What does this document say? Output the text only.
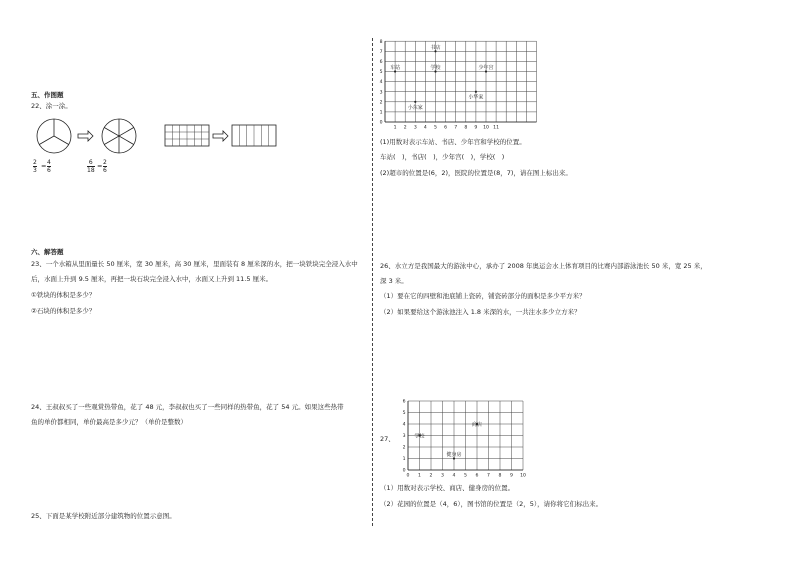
五、作图题
22、涂一涂。
$\frac{2}{3} = \frac{4}{6}$	$\frac{6}{18} = \frac{2}{6}$
六、解答题
23、一个水箱从里面量长 50 厘米，宽 30 厘米，高 30 厘米，里面装有 8 厘米深的水，把一块铁块完全浸入水中
后，水面上升到 9.5 厘米，再把一块石块完全浸入水中，水面又上升到 11.5 厘米。
①铁块的体积是多少？
②石块的体积是多少？
24、王叔叔买了一些观赏热带鱼，花了 48 元，李叔叔也买了一些同样的热带鱼，花了 54 元。如果这些热带
鱼的单价都相同，单价最高是多少元？（单价是整数）
25、下面是某学校附近部分建筑物的位置示意图。
0
1
2
3
4
5
6
7
8
1 2 3 4 5 6 7 8 9 10 11
车站
书店
学校	少年宫
小东家
小华家
(1)用数对表示车站、书店、少年宫和学校的位置。
车站(　)，书店(　)，少年宫(　)，学校(　)
(2)超市的位置是(6，2)，医院的位置是(8，7)，请在图上标出来。
26、水立方是我国最大的游泳中心，承办了 2008 年奥运会水上体育项目的比赛内部游泳池长 50 米，宽 25 米，
深 3 米。
（1）要在它的四壁和池底铺上瓷砖，铺瓷砖部分的面积是多少平方米？
（2）如果要给这个游泳池注入 1.8 米深的水，一共注水多少立方米？
27、
0
1
2
3
4
5
6
0 1 2 3 4 5 6 7 8 9 10
学校
商店
健身房
（1）用数对表示学校、商店、健身房的位置。
（2）花园的位置是（4，6），图书馆的位置是（2，5），请你将它们标出来。
